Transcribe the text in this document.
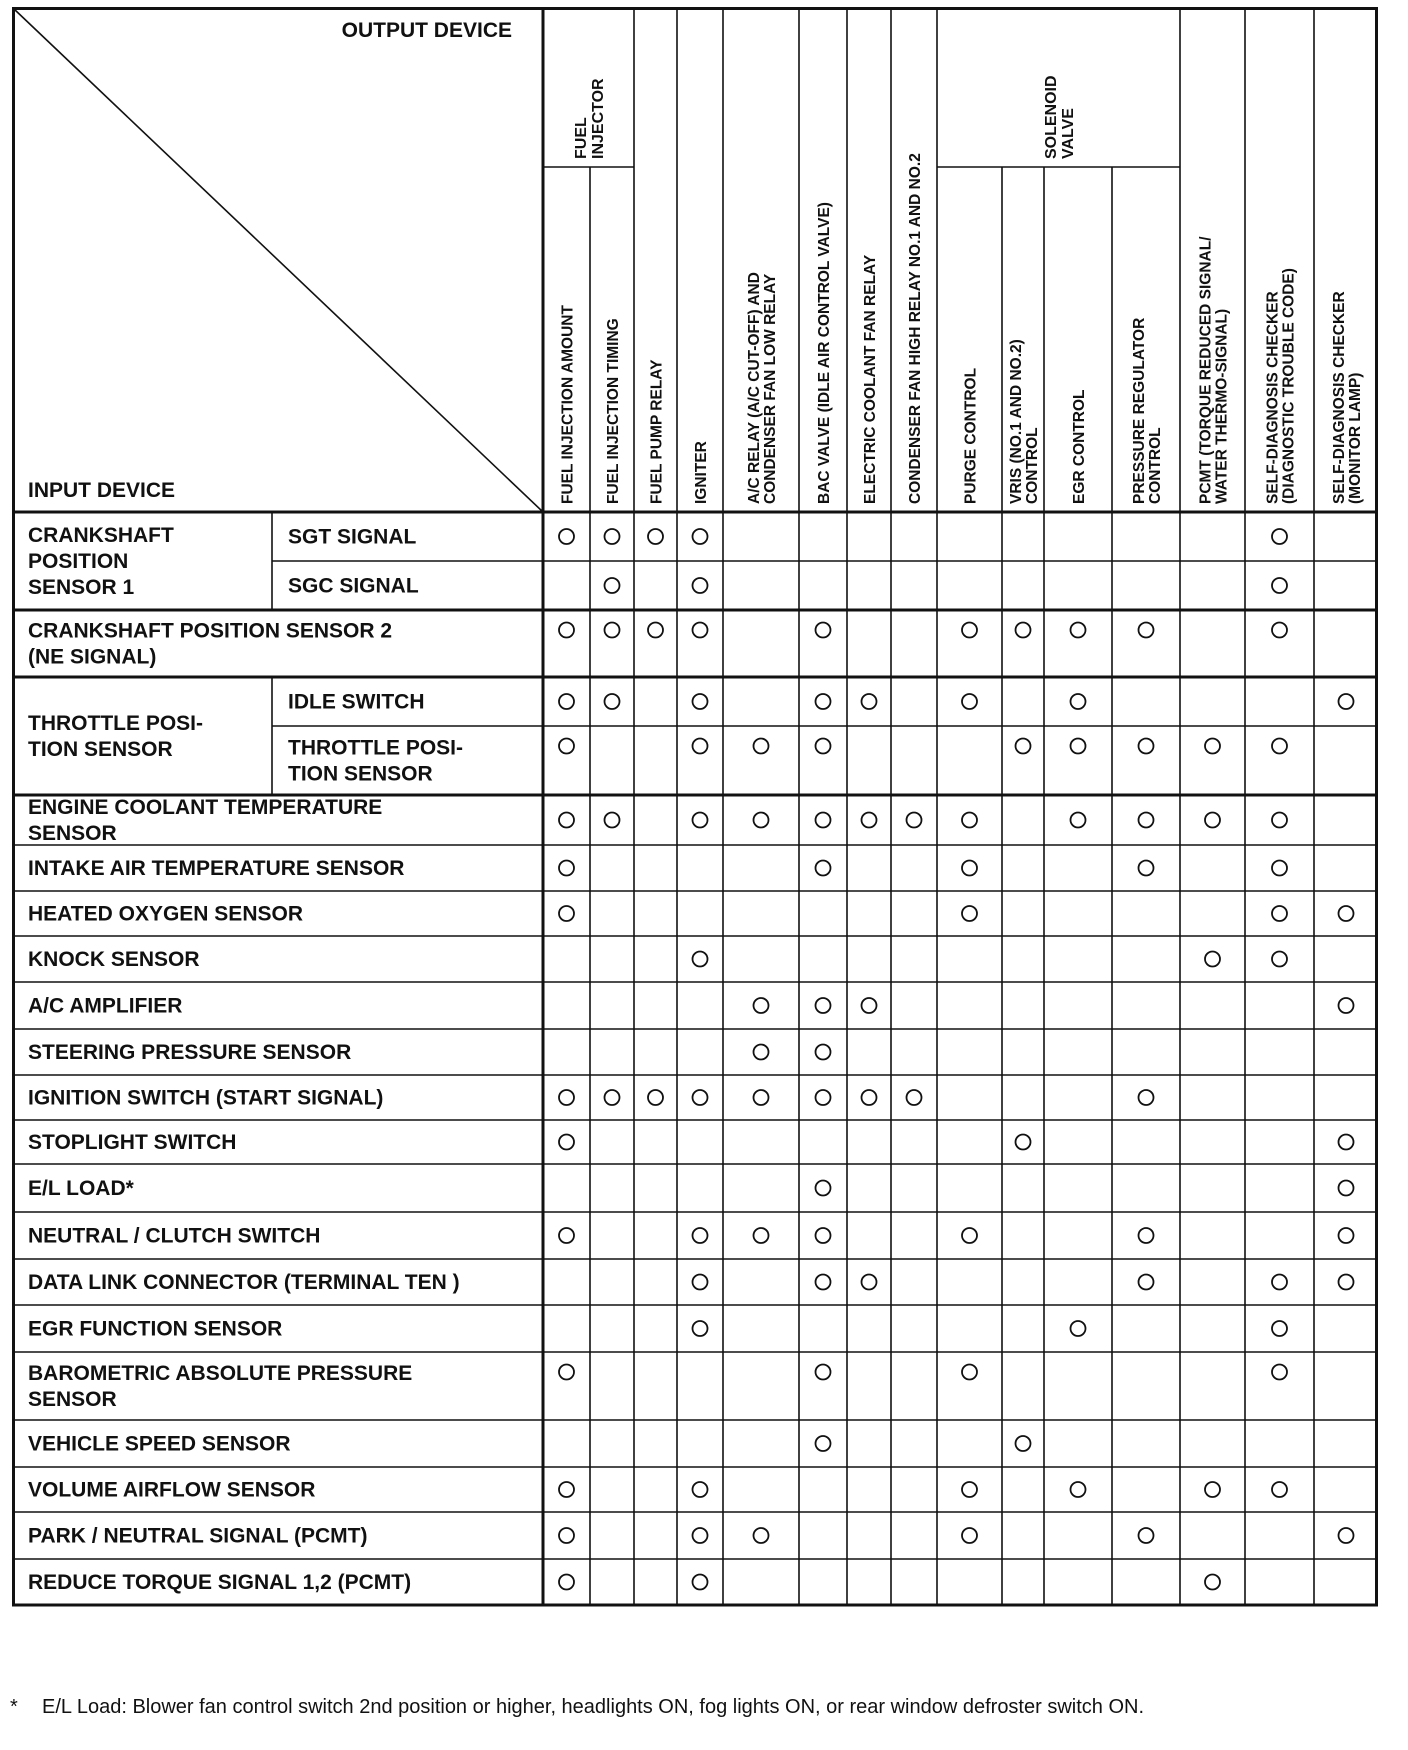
OUTPUT DEVICE
INPUT DEVICE
FUEL INJECTOR	SOLENOID VALVE
FUEL INJECTION AMOUNT FUEL INJECTION TIMING FUEL PUMP RELAY IGNITER A/C RELAY (A/C CUT-OFF) AND CONDENSER FAN LOW RELAY BAC VALVE (IDLE AIR CONTROL VALVE) ELECTRIC COOLANT FAN RELAY CONDENSER FAN HIGH RELAY NO.1 AND NO.2 PURGE CONTROL VRIS (NO.1 AND NO.2) CONTROL EGR CONTROL	PRESSURE REGULATOR CONTROL PCMT (TORQUE REDUCED SIGNAL/ WATER THERMO-SIGNAL) SELF-DIAGNOSIS CHECKER (DIAGNOSTIC TROUBLE CODE) SELF-DIAGNOSIS CHECKER (MONITOR LAMP)
CRANKSHAFT
POSITION
SENSOR 1
SGT SIGNAL
SGC SIGNAL
CRANKSHAFT POSITION SENSOR 2
(NE SIGNAL)
THROTTLE POSI-
TION SENSOR
IDLE SWITCH
THROTTLE POSI-
TION SENSOR
ENGINE COOLANT TEMPERATURE
SENSOR
INTAKE AIR TEMPERATURE SENSOR
HEATED OXYGEN SENSOR
KNOCK SENSOR
A/C AMPLIFIER
STEERING PRESSURE SENSOR
IGNITION SWITCH (START SIGNAL)
STOPLIGHT SWITCH
E/L LOAD*
NEUTRAL / CLUTCH SWITCH
DATA LINK CONNECTOR (TERMINAL TEN )
EGR FUNCTION SENSOR
BAROMETRIC ABSOLUTE PRESSURE
SENSOR
VEHICLE SPEED SENSOR
VOLUME AIRFLOW SENSOR
PARK / NEUTRAL SIGNAL (PCMT)
REDUCE TORQUE SIGNAL 1,2 (PCMT)
* E/L Load: Blower fan control switch 2nd position or higher, headlights ON, fog lights ON, or rear window defroster switch ON.
